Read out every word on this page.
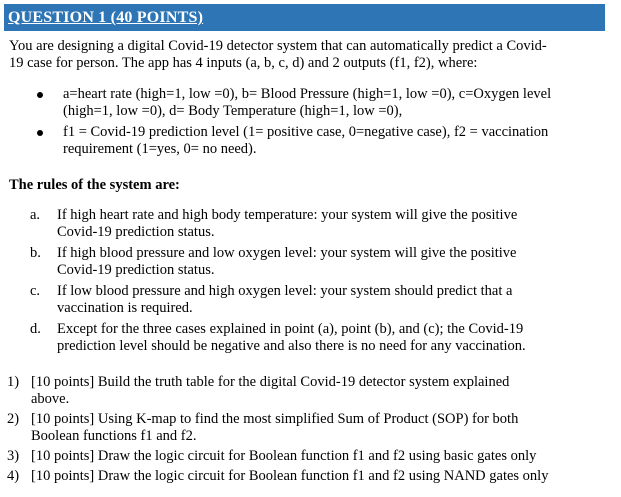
QUESTION 1 (40 POINTS)
You are designing a digital Covid-19 detector system that can automatically predict a Covid-
19 case for person. The app has 4 inputs (a, b, c, d) and 2 outputs (f1, f2), where:
a=heart rate (high=1, low =0), b= Blood Pressure (high=1, low =0), c=Oxygen level
(high=1, low =0), d= Body Temperature (high=1, low =0),
f1 = Covid-19 prediction level (1= positive case, 0=negative case), f2 = vaccination
requirement (1=yes, 0= no need).
The rules of the system are:
a. If high heart rate and high body temperature: your system will give the positive
Covid-19 prediction status.
b. If high blood pressure and low oxygen level: your system will give the positive
Covid-19 prediction status.
c. If low blood pressure and high oxygen level: your system should predict that a
vaccination is required.
d. Except for the three cases explained in point (a), point (b), and (c); the Covid-19
prediction level should be negative and also there is no need for any vaccination.
1) [10 points] Build the truth table for the digital Covid-19 detector system explained
above.
2) [10 points] Using K-map to find the most simplified Sum of Product (SOP) for both
Boolean functions f1 and f2.
3) [10 points] Draw the logic circuit for Boolean function f1 and f2 using basic gates only
4) [10 points] Draw the logic circuit for Boolean function f1 and f2 using NAND gates only
